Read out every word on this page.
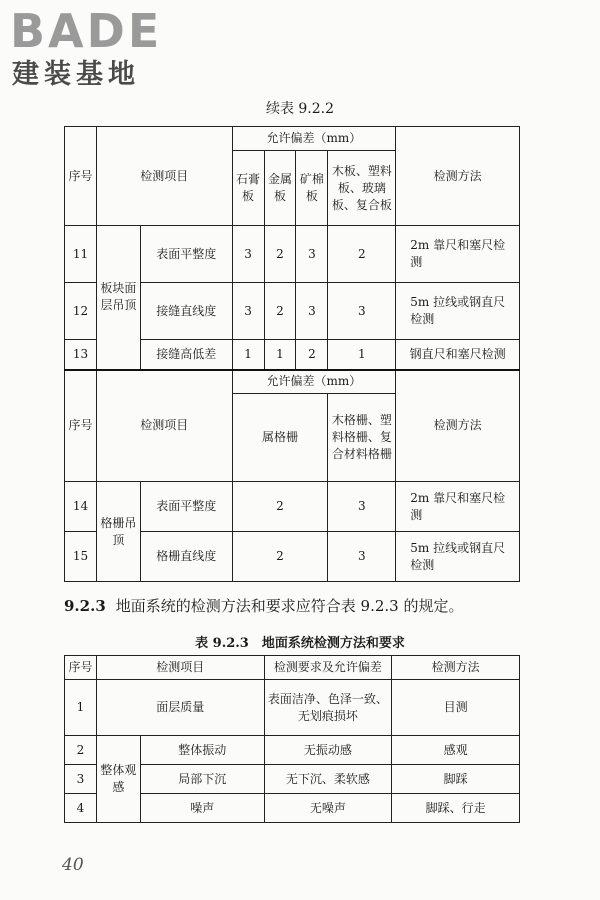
BADE
建装基地
续表 9.2.2
序号	检测项目		允许偏差（mm）				检测方法
			石膏板	金属板	矿棉板	木板、塑料板、玻璃板、复合板	
11	板块面层吊顶	表面平整度	3	2	3	2	2m 靠尺和塞尺检测
12		接缝直线度	3	2	3	3	5m 拉线或钢直尺检测
13		接缝高低差	1	1	2	1	钢直尺和塞尺检测
序号	检测项目		允许偏差（mm）				检测方法
			属格栅			木格栅、塑料格栅、复合材料格栅	
14	格栅吊顶	表面平整度	2			3	2m 靠尺和塞尺检测
15		格栅直线度	2			3	5m 拉线或钢直尺检测
9.2.3 地面系统的检测方法和要求应符合表 9.2.3 的规定。
表 9.2.3　地面系统检测方法和要求
序号	检测项目		检测要求及允许偏差	检测方法
1	面层质量		表面洁净、色泽一致、无划痕损坏	目测
2	整体观感	整体振动	无振动感	感观
3		局部下沉	无下沉、柔软感	脚踩
4		噪声	无噪声	脚踩、行走
40
